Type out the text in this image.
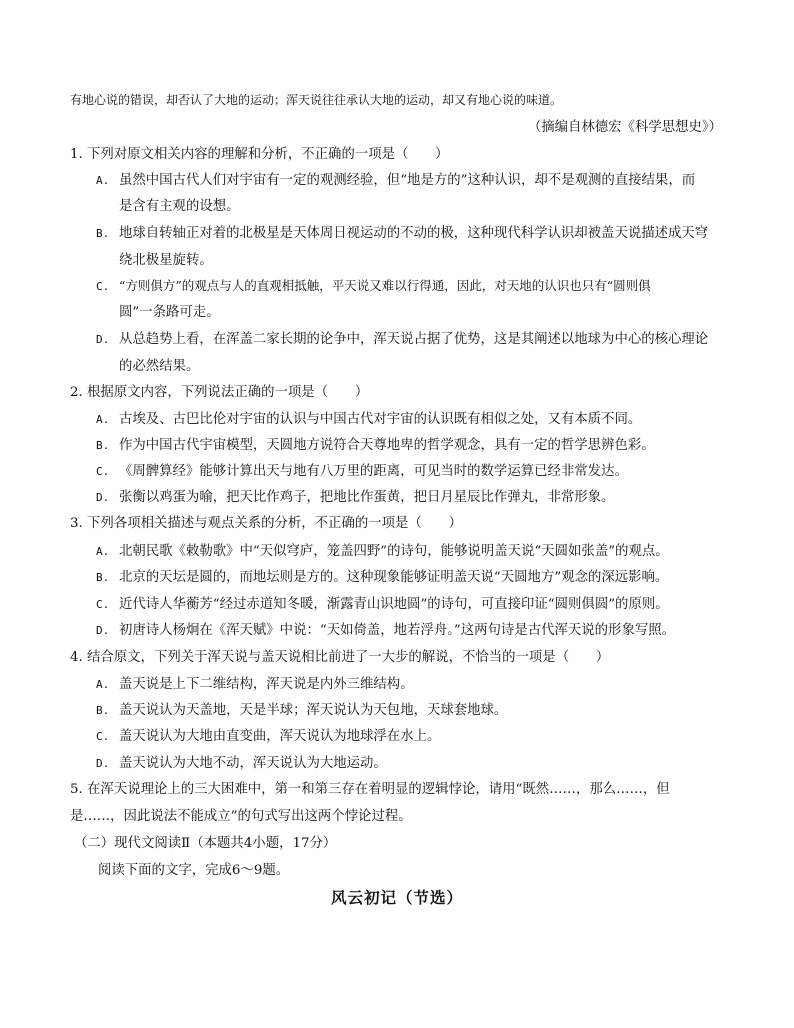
有地心说的错误，却否认了大地的运动；浑天说往往承认大地的运动，却又有地心说的味道。
（摘编自林德宏《科学思想史》）
1. 下列对原文相关内容的理解和分析，不正确的一项是（　　）
A. 虽然中国古代人们对宇宙有一定的观测经验，但“地是方的”这种认识，却不是观测的直接结果，而
是含有主观的设想。
B. 地球自转轴正对着的北极星是天体周日视运动的不动的极，这种现代科学认识却被盖天说描述成天穹
绕北极星旋转。
C. “方则俱方”的观点与人的直观相抵触，平天说又难以行得通，因此，对天地的认识也只有“圆则俱
圆”一条路可走。
D. 从总趋势上看，在浑盖二家长期的论争中，浑天说占据了优势，这是其阐述以地球为中心的核心理论
的必然结果。
2. 根据原文内容，下列说法正确的一项是（　　）
A. 古埃及、古巴比伦对宇宙的认识与中国古代对宇宙的认识既有相似之处，又有本质不同。
B. 作为中国古代宇宙模型，天圆地方说符合天尊地卑的哲学观念，具有一定的哲学思辨色彩。
C. 《周髀算经》能够计算出天与地有八万里的距离，可见当时的数学运算已经非常发达。
D. 张衡以鸡蛋为喻，把天比作鸡子，把地比作蛋黄，把日月星辰比作弹丸，非常形象。
3. 下列各项相关描述与观点关系的分析，不正确的一项是（　　）
A. 北朝民歌《敕勒歌》中“天似穹庐，笼盖四野”的诗句，能够说明盖天说“天圆如张盖”的观点。
B. 北京的天坛是圆的，而地坛则是方的。这种现象能够证明盖天说“天圆地方”观念的深远影响。
C. 近代诗人华蘅芳“经过赤道知冬暖，渐露青山识地圆”的诗句，可直接印证“圆则俱圆”的原则。
D. 初唐诗人杨炯在《浑天赋》中说：“天如倚盖，地若浮舟。”这两句诗是古代浑天说的形象写照。
4. 结合原文，下列关于浑天说与盖天说相比前进了一大步的解说，不恰当的一项是（　　）
A. 盖天说是上下二维结构，浑天说是内外三维结构。
B. 盖天说认为天盖地，天是半球；浑天说认为天包地，天球套地球。
C. 盖天说认为大地由直变曲，浑天说认为地球浮在水上。
D. 盖天说认为大地不动，浑天说认为大地运动。
5. 在浑天说理论上的三大困难中，第一和第三存在着明显的逻辑悖论，请用“既然……，那么……，但
是……，因此说法不能成立”的句式写出这两个悖论过程。
（二）现代文阅读Ⅱ（本题共4小题，17分）
阅读下面的文字，完成6～9题。
风云初记（节选）
